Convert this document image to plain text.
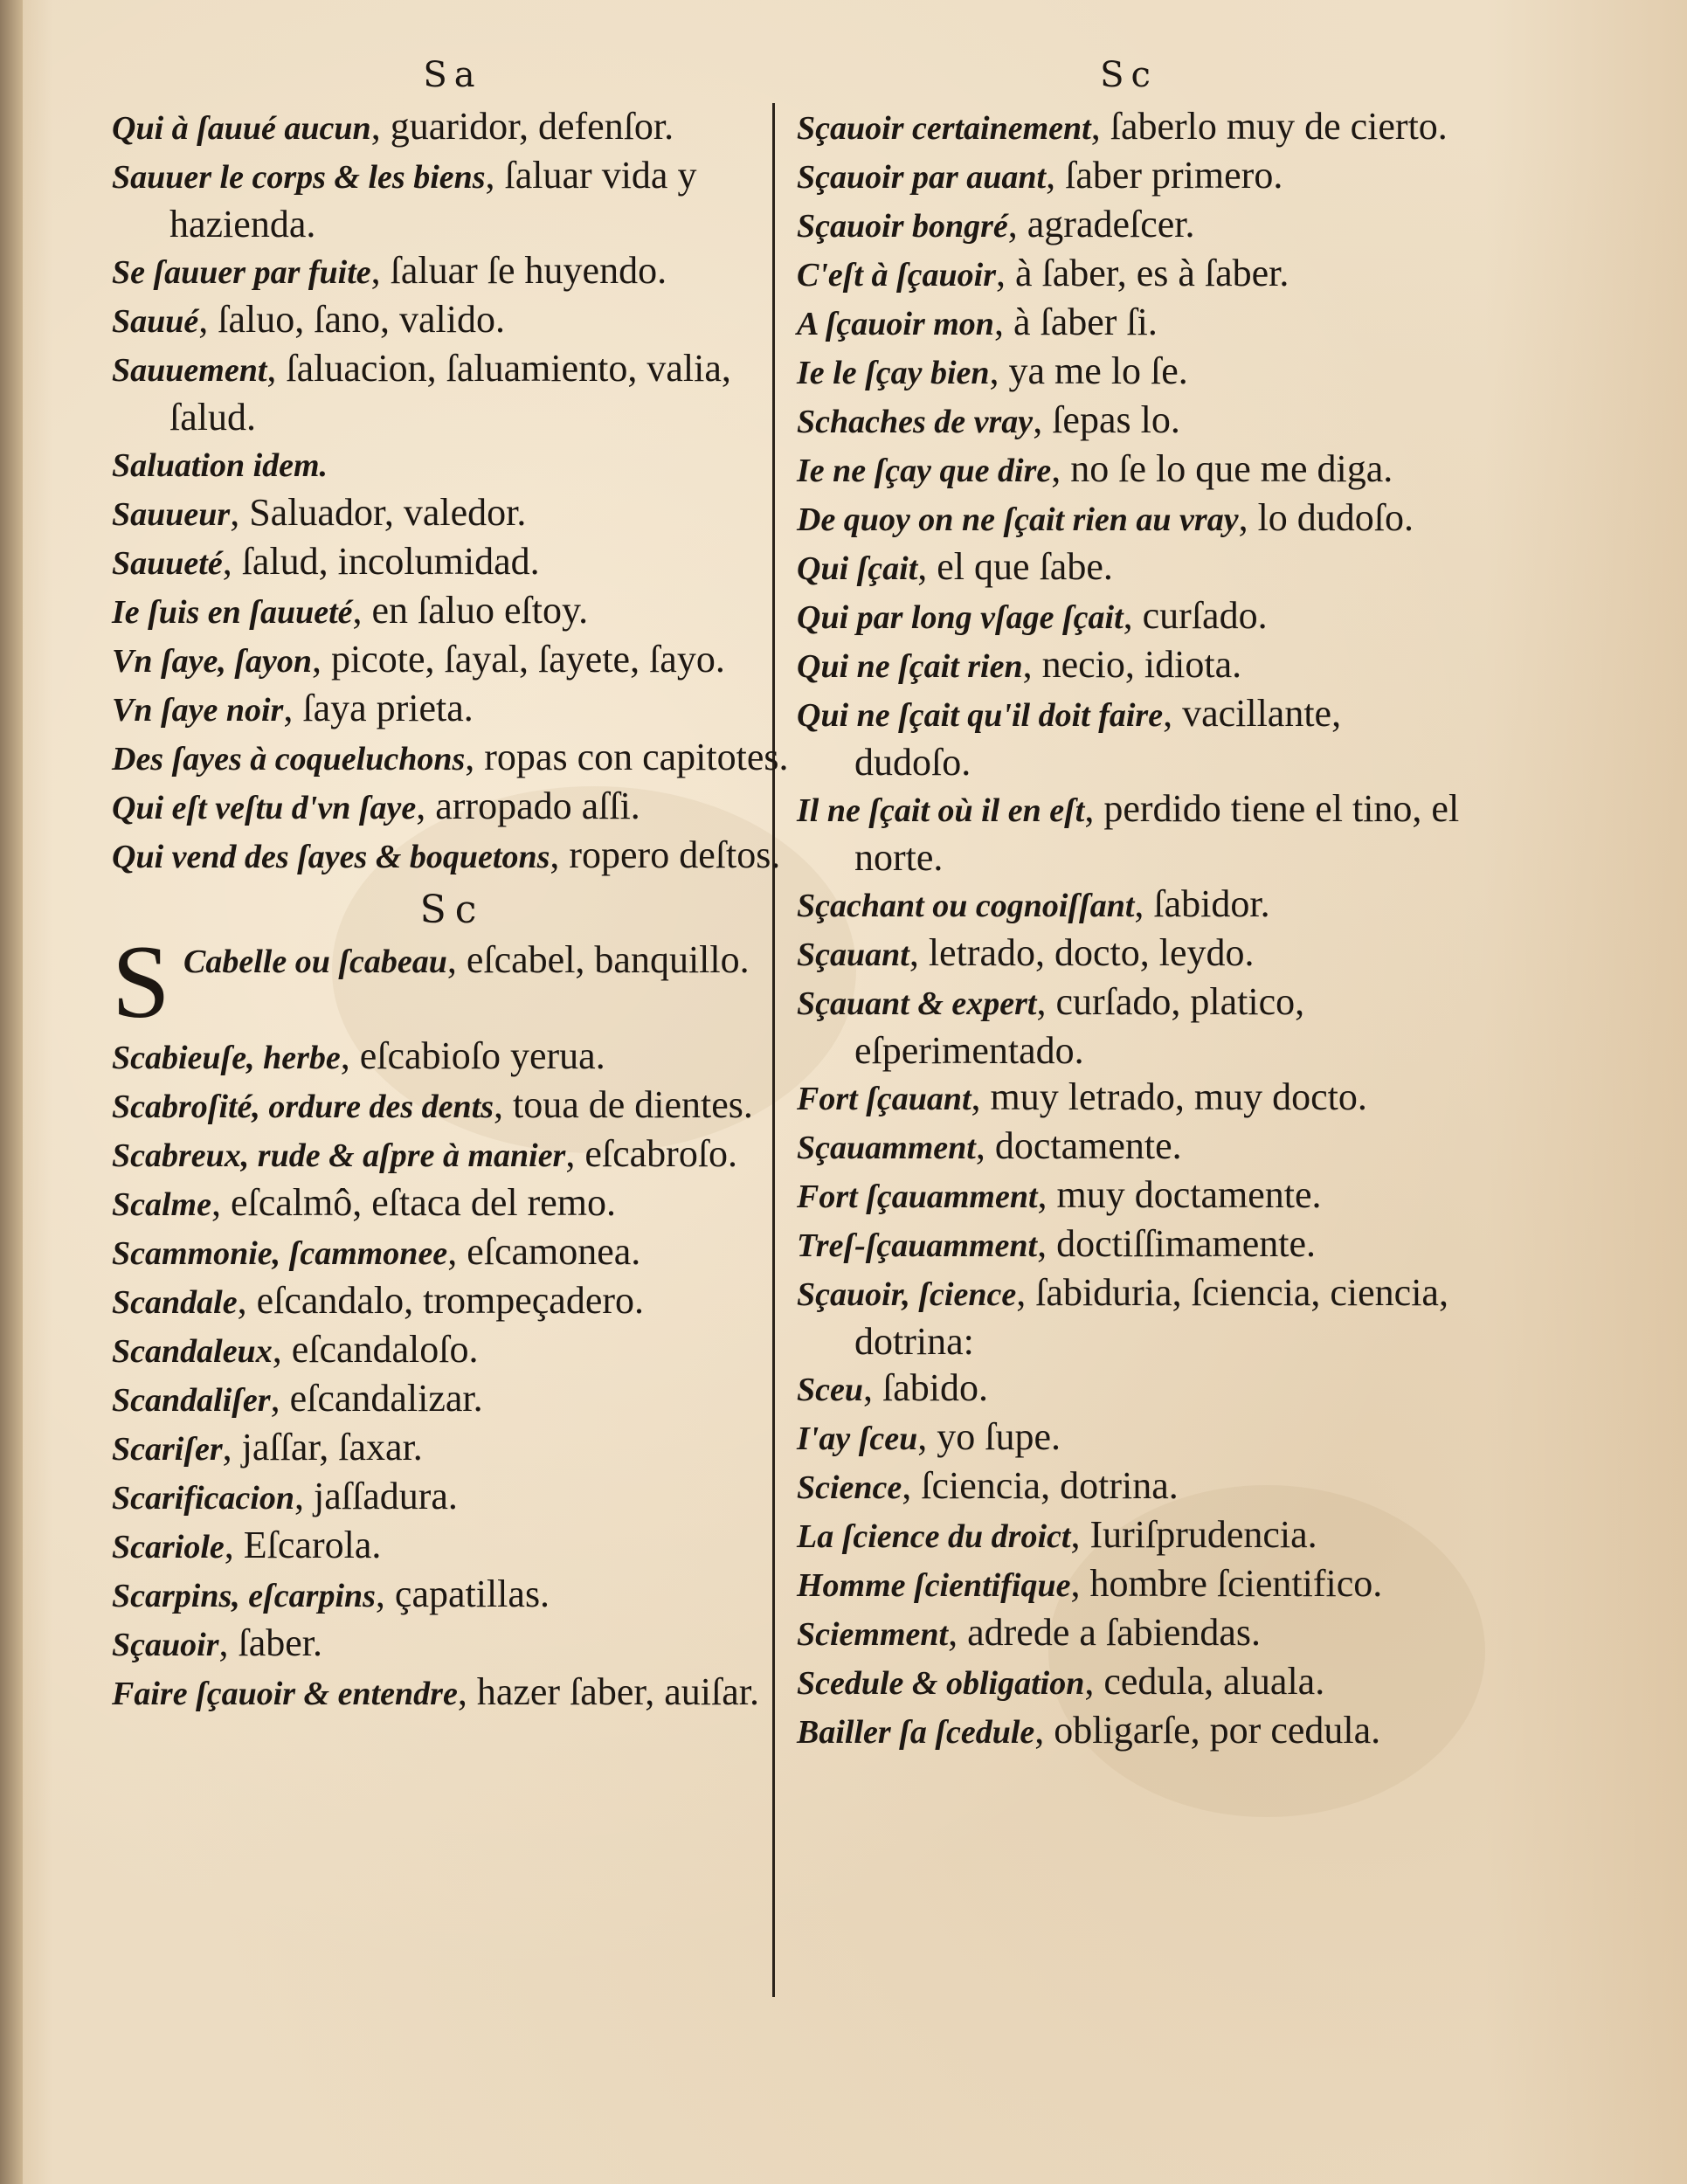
Sa
Qui à ſauué aucun, guaridor, defenſor.
Sauuer le corps & les biens, ſaluar vida y hazienda.
Se ſauuer par fuite, ſaluar ſe huyendo.
Sauué, ſaluo, ſano, valido.
Sauuement, ſaluacion, ſaluamiento, valia, ſalud.
Saluation idem.
Sauueur, Saluador, valedor.
Sauueté, ſalud, incolumidad.
Ie ſuis en ſauueté, en ſaluo eſtoy.
Vn ſaye, ſayon, picote, ſayal, ſayete, ſayo.
Vn ſaye noir, ſaya prieta.
Des ſayes à coqueluchons, ropas con capitotes.
Qui eſt veſtu d'vn ſaye, arropado aſſi.
Qui vend des ſayes & boquetons, ropero deſtos.
Sc
S Cabelle ou ſcabeau, eſcabel, banquillo.
Scabieuſe, herbe, eſcabioſo yerua.
Scabroſité, ordure des dents, toua de dientes.
Scabreux, rude & aſpre à manier, eſcabroſo.
Scalme, eſcalmô, eſtaca del remo.
Scammonie, ſcammonee, eſcamonea.
Scandale, eſcandalo, trompeçadero.
Scandaleux, eſcandaloſo.
Scandaliſer, eſcandalizar.
Scariſer, jaſſar, ſaxar.
Scarificacion, jaſſadura.
Scariole, Eſcarola.
Scarpins, eſcarpins, çapatillas.
Sçauoir, ſaber.
Faire ſçauoir & entendre, hazer ſaber, auiſar.
Sc
Sçauoir certainement, ſaberlo muy de cierto.
Sçauoir par auant, ſaber primero.
Sçauoir bongré, agradeſcer.
C'eſt à ſçauoir, à ſaber, es à ſaber.
A ſçauoir mon, à ſaber ſi.
Ie le ſçay bien, ya me lo ſe.
Schaches de vray, ſepas lo.
Ie ne ſçay que dire, no ſe lo que me diga.
De quoy on ne ſçait rien au vray, lo dudoſo.
Qui ſçait, el que ſabe.
Qui par long vſage ſçait, curſado.
Qui ne ſçait rien, necio, idiota.
Qui ne ſçait qu'il doit faire, vacillante, dudoſo.
Il ne ſçait où il en eſt, perdido tiene el tino, el norte.
Sçachant ou cognoiſſant, ſabidor.
Sçauant, letrado, docto, leydo.
Sçauant & expert, curſado, platico, eſperimentado.
Fort ſçauant, muy letrado, muy docto.
Sçauamment, doctamente.
Fort ſçauamment, muy doctamente.
Treſ-ſçauamment, doctiſſimamente.
Sçauoir, ſcience, ſabiduria, ſciencia, ciencia, dotrina:
Sceu, ſabido.
I'ay ſceu, yo ſupe.
Science, ſciencia, dotrina.
La ſcience du droict, Iuriſprudencia.
Homme ſcientifique, hombre ſcientifico.
Sciemment, adrede a ſabiendas.
Scedule & obligation, cedula, aluala.
Bailler ſa ſcedule, obligarſe, por cedula.
